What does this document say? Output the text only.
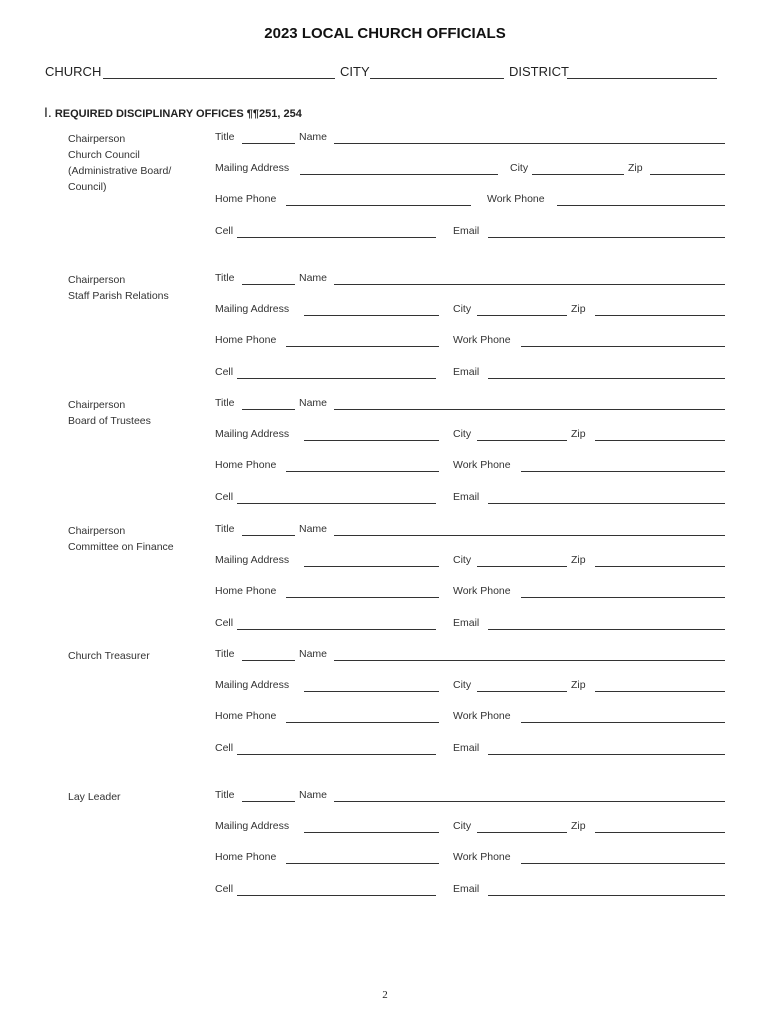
2023 LOCAL CHURCH OFFICIALS
CHURCH	CITY	DISTRICT
I. REQUIRED DISCIPLINARY OFFICES ¶¶251, 254
Chairperson
Church Council
(Administrative Board/
Council)
Title	Name
Mailing Address	City	Zip
Home Phone	Work Phone
Cell	Email
Chairperson
Staff Parish Relations
Title	Name
Mailing Address	City	Zip
Home Phone	Work Phone
Cell	Email
Chairperson
Board of Trustees
Title	Name
Mailing Address	City	Zip
Home Phone	Work Phone
Cell	Email
Chairperson
Committee on Finance
Title	Name
Mailing Address	City	Zip
Home Phone	Work Phone
Cell	Email
Church Treasurer	Title	Name
Mailing Address	City	Zip
Home Phone	Work Phone
Cell	Email
Lay Leader	Title	Name
Mailing Address	City	Zip
Home Phone	Work Phone
Cell	Email
2
